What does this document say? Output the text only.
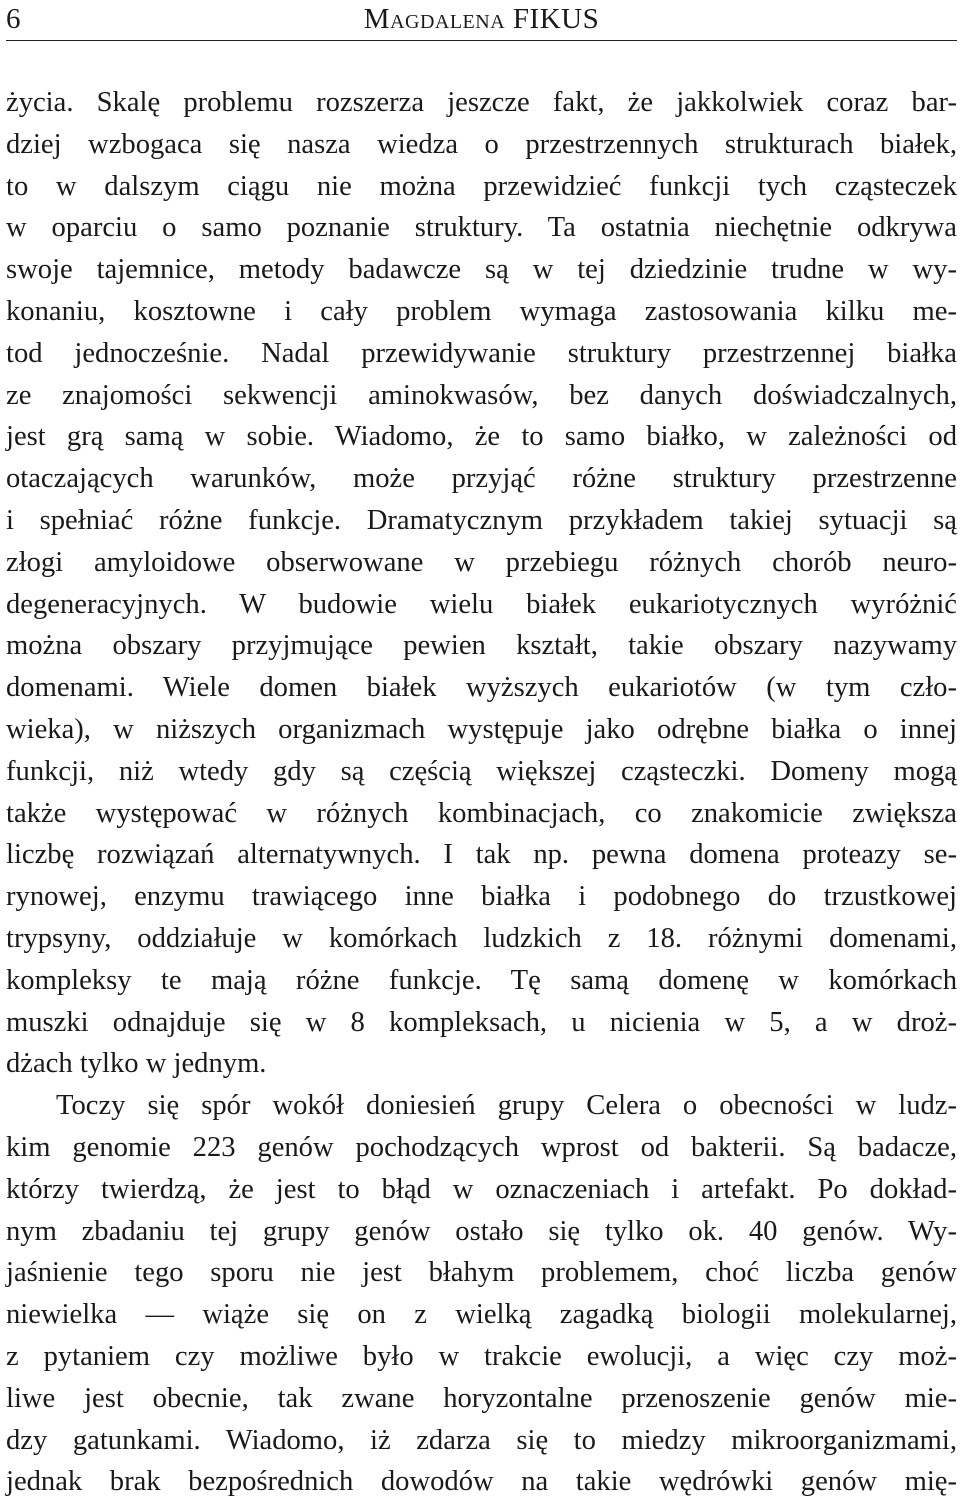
6	Magdalena FIKUS
życia. Skalę problemu rozszerza jeszcze fakt, że jakkolwiek coraz bar-
dziej wzbogaca się nasza wiedza o przestrzennych strukturach białek,
to w dalszym ciągu nie można przewidzieć funkcji tych cząsteczek
w oparciu o samo poznanie struktury. Ta ostatnia niechętnie odkrywa
swoje tajemnice, metody badawcze są w tej dziedzinie trudne w wy-
konaniu, kosztowne i cały problem wymaga zastosowania kilku me-
tod jednocześnie. Nadal przewidywanie struktury przestrzennej białka
ze znajomości sekwencji aminokwasów, bez danych doświadczalnych,
jest grą samą w sobie. Wiadomo, że to samo białko, w zależności od
otaczających warunków, może przyjąć różne struktury przestrzenne
i spełniać różne funkcje. Dramatycznym przykładem takiej sytuacji są
złogi amyloidowe obserwowane w przebiegu różnych chorób neuro-
degeneracyjnych. W budowie wielu białek eukariotycznych wyróżnić
można obszary przyjmujące pewien kształt, takie obszary nazywamy
domenami. Wiele domen białek wyższych eukariotów (w tym czło-
wieka), w niższych organizmach występuje jako odrębne białka o innej
funkcji, niż wtedy gdy są częścią większej cząsteczki. Domeny mogą
także występować w różnych kombinacjach, co znakomicie zwiększa
liczbę rozwiązań alternatywnych. I tak np. pewna domena proteazy se-
rynowej, enzymu trawiącego inne białka i podobnego do trzustkowej
trypsyny, oddziałuje w komórkach ludzkich z 18. różnymi domenami,
kompleksy te mają różne funkcje. Tę samą domenę w komórkach
muszki odnajduje się w 8 kompleksach, u nicienia w 5, a w droż-
dżach tylko w jednym.
Toczy się spór wokół doniesień grupy Celera o obecności w ludz-
kim genomie 223 genów pochodzących wprost od bakterii. Są badacze,
którzy twierdzą, że jest to błąd w oznaczeniach i artefakt. Po dokład-
nym zbadaniu tej grupy genów ostało się tylko ok. 40 genów. Wy-
jaśnienie tego sporu nie jest błahym problemem, choć liczba genów
niewielka — wiąże się on z wielką zagadką biologii molekularnej,
z pytaniem czy możliwe było w trakcie ewolucji, a więc czy moż-
liwe jest obecnie, tak zwane horyzontalne przenoszenie genów mie-
dzy gatunkami. Wiadomo, iż zdarza się to miedzy mikroorganizmami,
jednak brak bezpośrednich dowodów na takie wędrówki genów mię-
